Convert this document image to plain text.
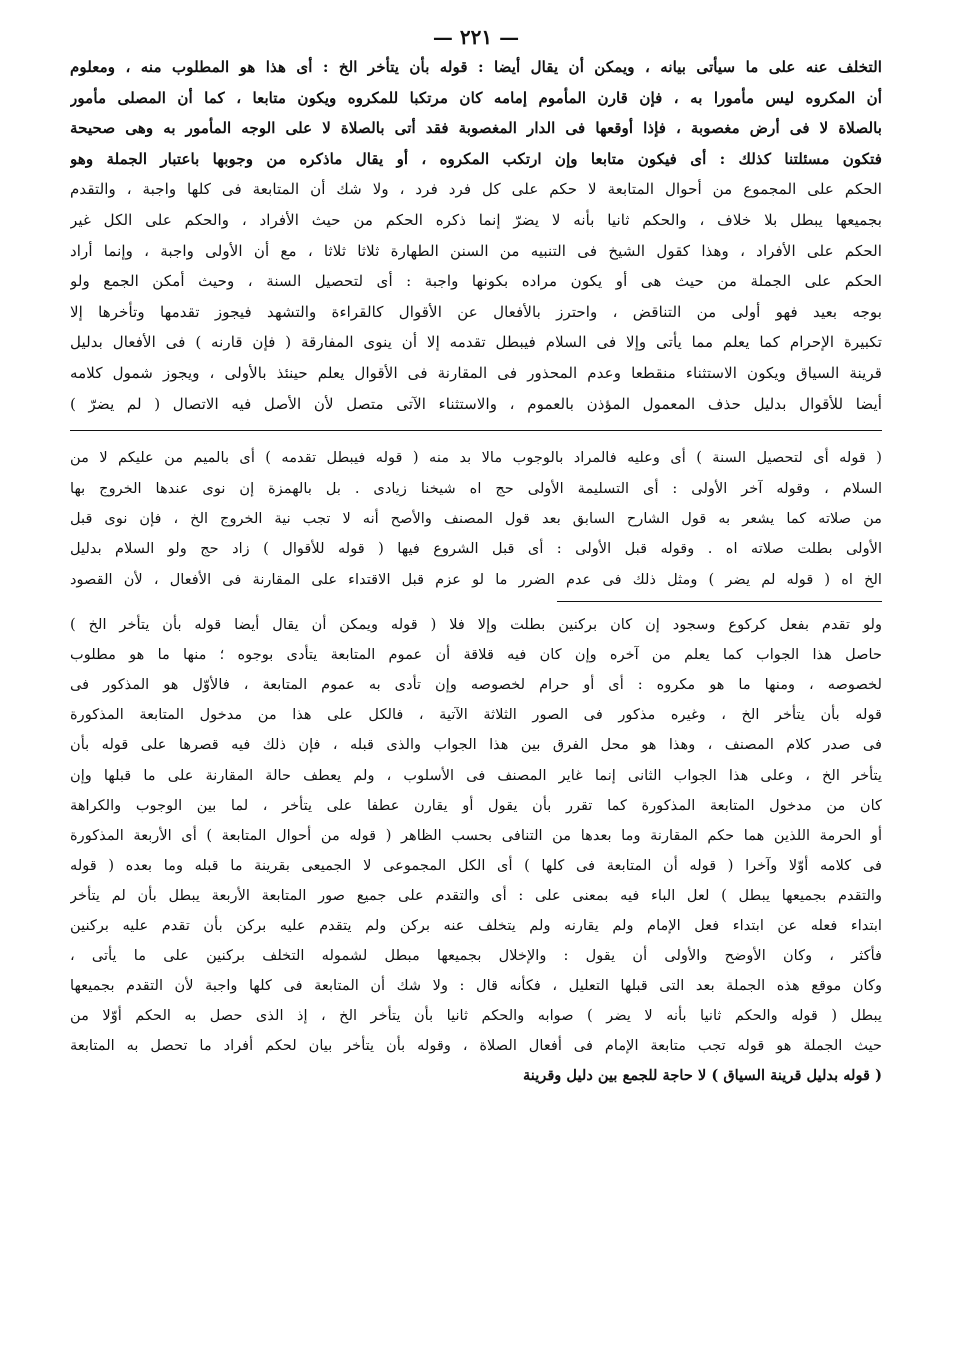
— ٢٢١ —
التخلف عنه على ما سيأتى بيانه ، ويمكن أن يقال أيضا : قوله بأن يتأخر الخ : أى هذا هو المطلوب منه ، ومعلوم
أن المكروه ليس مأمورا به ، فإن قارن المأموم إمامه كان مرتكبا للمكروه ويكون متابعا ، كما أن المصلى مأمور
بالصلاة لا فى أرض مغصوبة ، فإذا أوقعها فى الدار المغصوبة فقد أتى بالصلاة لا على الوجه المأمور به وهى صحيحة
فتكون مسئلتنا كذلك : أى فيكون متابعا وإن ارتكب المكروه ، أو يقال ماذكره من وجوبها باعتبار الجملة وهو
الحكم على المجموع من أحوال المتابعة لا حكم على كل فرد فرد ، ولا شك أن المتابعة فى كلها واجبة ، والتقدم
بجميعها يبطل بلا خلاف ، والحكم ثانيا بأنه لا يضرّ إنما ذكره الحكم من حيث الأفراد ، والحكم على الكل غير
الحكم على الأفراد ، وهذا كقول الشيخ فى التنبيه من السنن الطهارة ثلاثا ثلاثا ، مع أن الأولى واجبة ، وإنما أراد
الحكم على الجملة من حيث هى أو يكون مراده بكونها واجبة : أى لتحصيل السنة ، وحيث أمكن الجمع ولو
بوجه بعيد فهو أولى من التناقض ، واحترز بالأفعال عن الأقوال كالقراءة والتشهد فيجوز تقدمها وتأخرها إلا
تكبيرة الإحرام كما يعلم مما يأتى وإلا فى السلام فيبطل تقدمه إلا أن ينوى المفارقة ( فإن قارنه ) فى الأفعال بدليل
قرينة السياق ويكون الاستثناء منقطعا وعدم المحذور فى المقارنة فى الأقوال يعلم حينئذ بالأولى ، ويجوز شمول كلامه
أيضا للأقوال بدليل حذف المعمول المؤذن بالعموم ، والاستثناء الآتى متصل لأن الأصل فيه الاتصال ( لم يضرّ )
( قوله أى لتحصيل السنة ) أى وعليه فالمراد بالوجوب مالا بد منه ( قوله فيبطل تقدمه ) أى بالميم من عليكم لا من
السلام ، وقوله آخر الأولى : أى التسليمة الأولى حج اه شيخنا زيادى . بل بالهمزة إن نوى عندها الخروج بها
من صلاته كما يشعر به قول الشارح السابق بعد قول المصنف والأصح أنه لا تجب نية الخروج الخ ، فإن نوى قبل
الأولى بطلت صلاته اه . وقوله قبل الأولى : أى قبل الشروع فيها ( قوله للأقوال ) زاد حج ولو السلام بدليل
الخ اه ( قوله لم يضر ) ومثل ذلك فى عدم الضرر ما لو عزم قبل الاقتداء على المقارنة فى الأفعال ، لأن القصود
ولو تقدم بفعل كركوع وسجود إن كان بركنين بطلت وإلا فلا ( قوله ويمكن أن يقال أيضا قوله بأن يتأخر الخ )
حاصل هذا الجواب كما يعلم من آخره وإن كان فيه قلاقة أن عموم المتابعة يتأدى بوجوه ؛ منها ما هو مطلوب
لخصوصه ، ومنها ما هو مكروه : أى أو حرام لخصوصه وإن تأدى به عموم المتابعة ، فالأوّل هو المذكور فى
قوله بأن يتأخر الخ ، وغيره مذكور فى الصور الثلاثة الآتية ، فالكل على هذا من مدخول المتابعة المذكورة
فى صدر كلام المصنف ، وهذا هو محل الفرق بين هذا الجواب والذى قبله ، فإن ذلك فيه قصرها على قوله بأن
يتأخر الخ ، وعلى هذا الجواب الثانى إنما غاير المصنف فى الأسلوب ، ولم يعطف حالة المقارنة على ما قبلها وإن
كان من مدخول المتابعة المذكورة كما تقرر بأن يقول أو يقارن عطفا على يتأخر ، لما بين الوجوب والكراهة
أو الحرمة اللذين هما حكم المقارنة وما بعدها من التنافى بحسب الظاهر ( قوله من أحوال المتابعة ) أى الأربعة المذكورة
فى كلامه أوّلا وآخرا ( قوله أن المتابعة فى كلها ) أى الكل المجموعى لا الجميعى بقرينة ما قبله وما بعده ( قوله
والتقدم بجميعها يبطل ) لعل الباء فيه بمعنى على : أى والتقدم على جميع صور المتابعة الأربعة يبطل بأن لم يتأخر
ابتداء فعله عن ابتداء فعل الإمام ولم يقارنه ولم يتخلف عنه بركن ولم يتقدم عليه بركن بأن تقدم عليه بركنين
فأكثر ، وكان الأوضح والأولى أن يقول : والإخلال بجميعها مبطل لشموله التخلف بركنين على ما يأتى ،
وكان موقع هذه الجملة بعد التى قبلها التعليل ، فكأنه قال : ولا شك أن المتابعة فى كلها واجبة لأن التقدم بجميعها
يبطل ( قوله والحكم ثانيا بأنه لا يضر ) صوابه والحكم ثانيا بأن يتأخر الخ ، إذ الذى حصل به الحكم أوّلا من
حيث الجملة هو قوله تجب متابعة الإمام فى أفعال الصلاة ، وقوله بأن يتأخر بيان لحكم أفراد ما تحصل به المتابعة
( قوله بدليل قرينة السياق ) لا حاجة للجمع بين دليل وقرينة
